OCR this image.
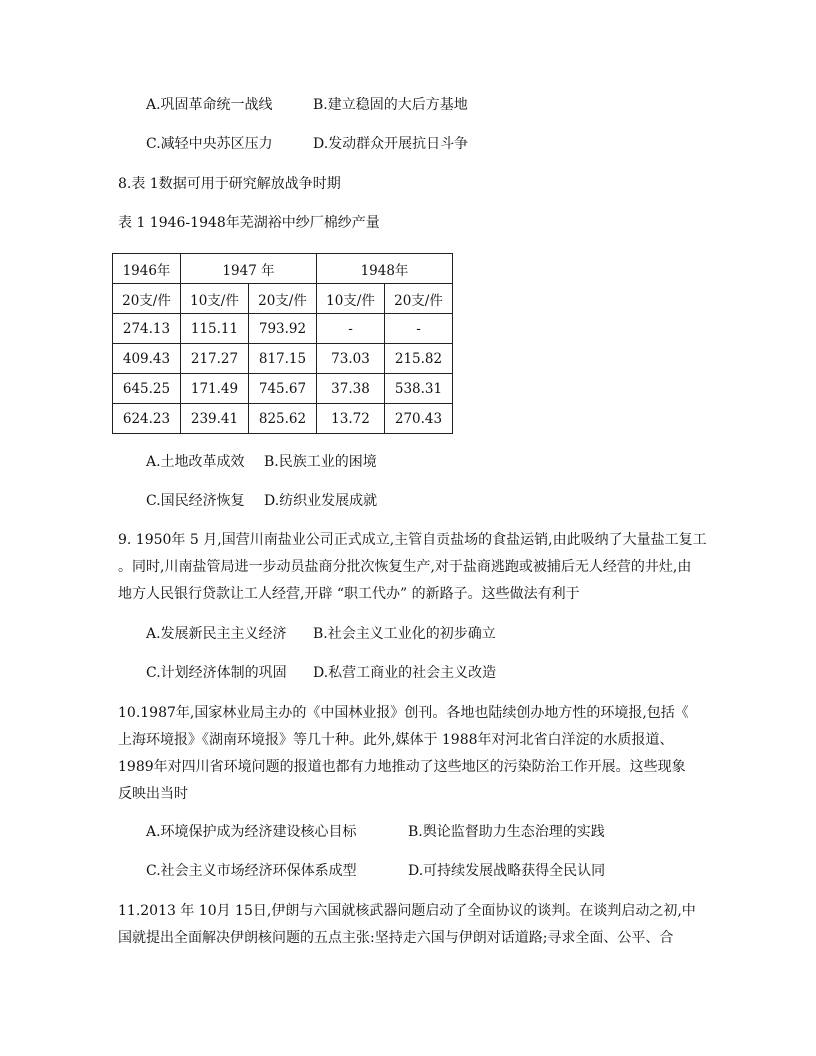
A.巩固革命统一战线	B.建立稳固的大后方基地
C.减轻中央苏区压力	D.发动群众开展抗日斗争
8.表 1数据可用于研究解放战争时期
表 1 1946-1948年芜湖裕中纱厂棉纱产量
1946年	1947 年		1948年	
20支/件	10支/件	20支/件	10支/件	20支/件
274.13	115.11	793.92	-	-
409.43	217.27	817.15	73.03	215.82
645.25	171.49	745.67	37.38	538.31
624.23	239.41	825.62	13.72	270.43
A.土地改革成效 B.民族工业的困境
C.国民经济恢复 D.纺织业发展成就
9. 1950年 5 月,国营川南盐业公司正式成立,主管自贡盐场的食盐运销,由此吸纳了大量盐工复工
。同时,川南盐管局进一步动员盐商分批次恢复生产,对于盐商逃跑或被捕后无人经营的井灶,由
地方人民银行贷款让工人经营,开辟 “职工代办” 的新路子。这些做法有利于
A.发展新民主主义经济 B.社会主义工业化的初步确立
C.计划经济体制的巩固 D.私营工商业的社会主义改造
10.1987年,国家林业局主办的《中国林业报》创刊。各地也陆续创办地方性的环境报,包括《
上海环境报》《湖南环境报》等几十种。此外,媒体于 1988年对河北省白洋淀的水质报道、
1989年对四川省环境问题的报道也都有力地推动了这些地区的污染防治工作开展。这些现象
反映出当时
A.环境保护成为经济建设核心目标	B.舆论监督助力生态治理的实践
C.社会主义市场经济环保体系成型	D.可持续发展战略获得全民认同
11.2013 年 10月 15日,伊朗与六国就核武器问题启动了全面协议的谈判。在谈判启动之初,中
国就提出全面解决伊朗核问题的五点主张:坚持走六国与伊朗对话道路;寻求全面、公平、合
